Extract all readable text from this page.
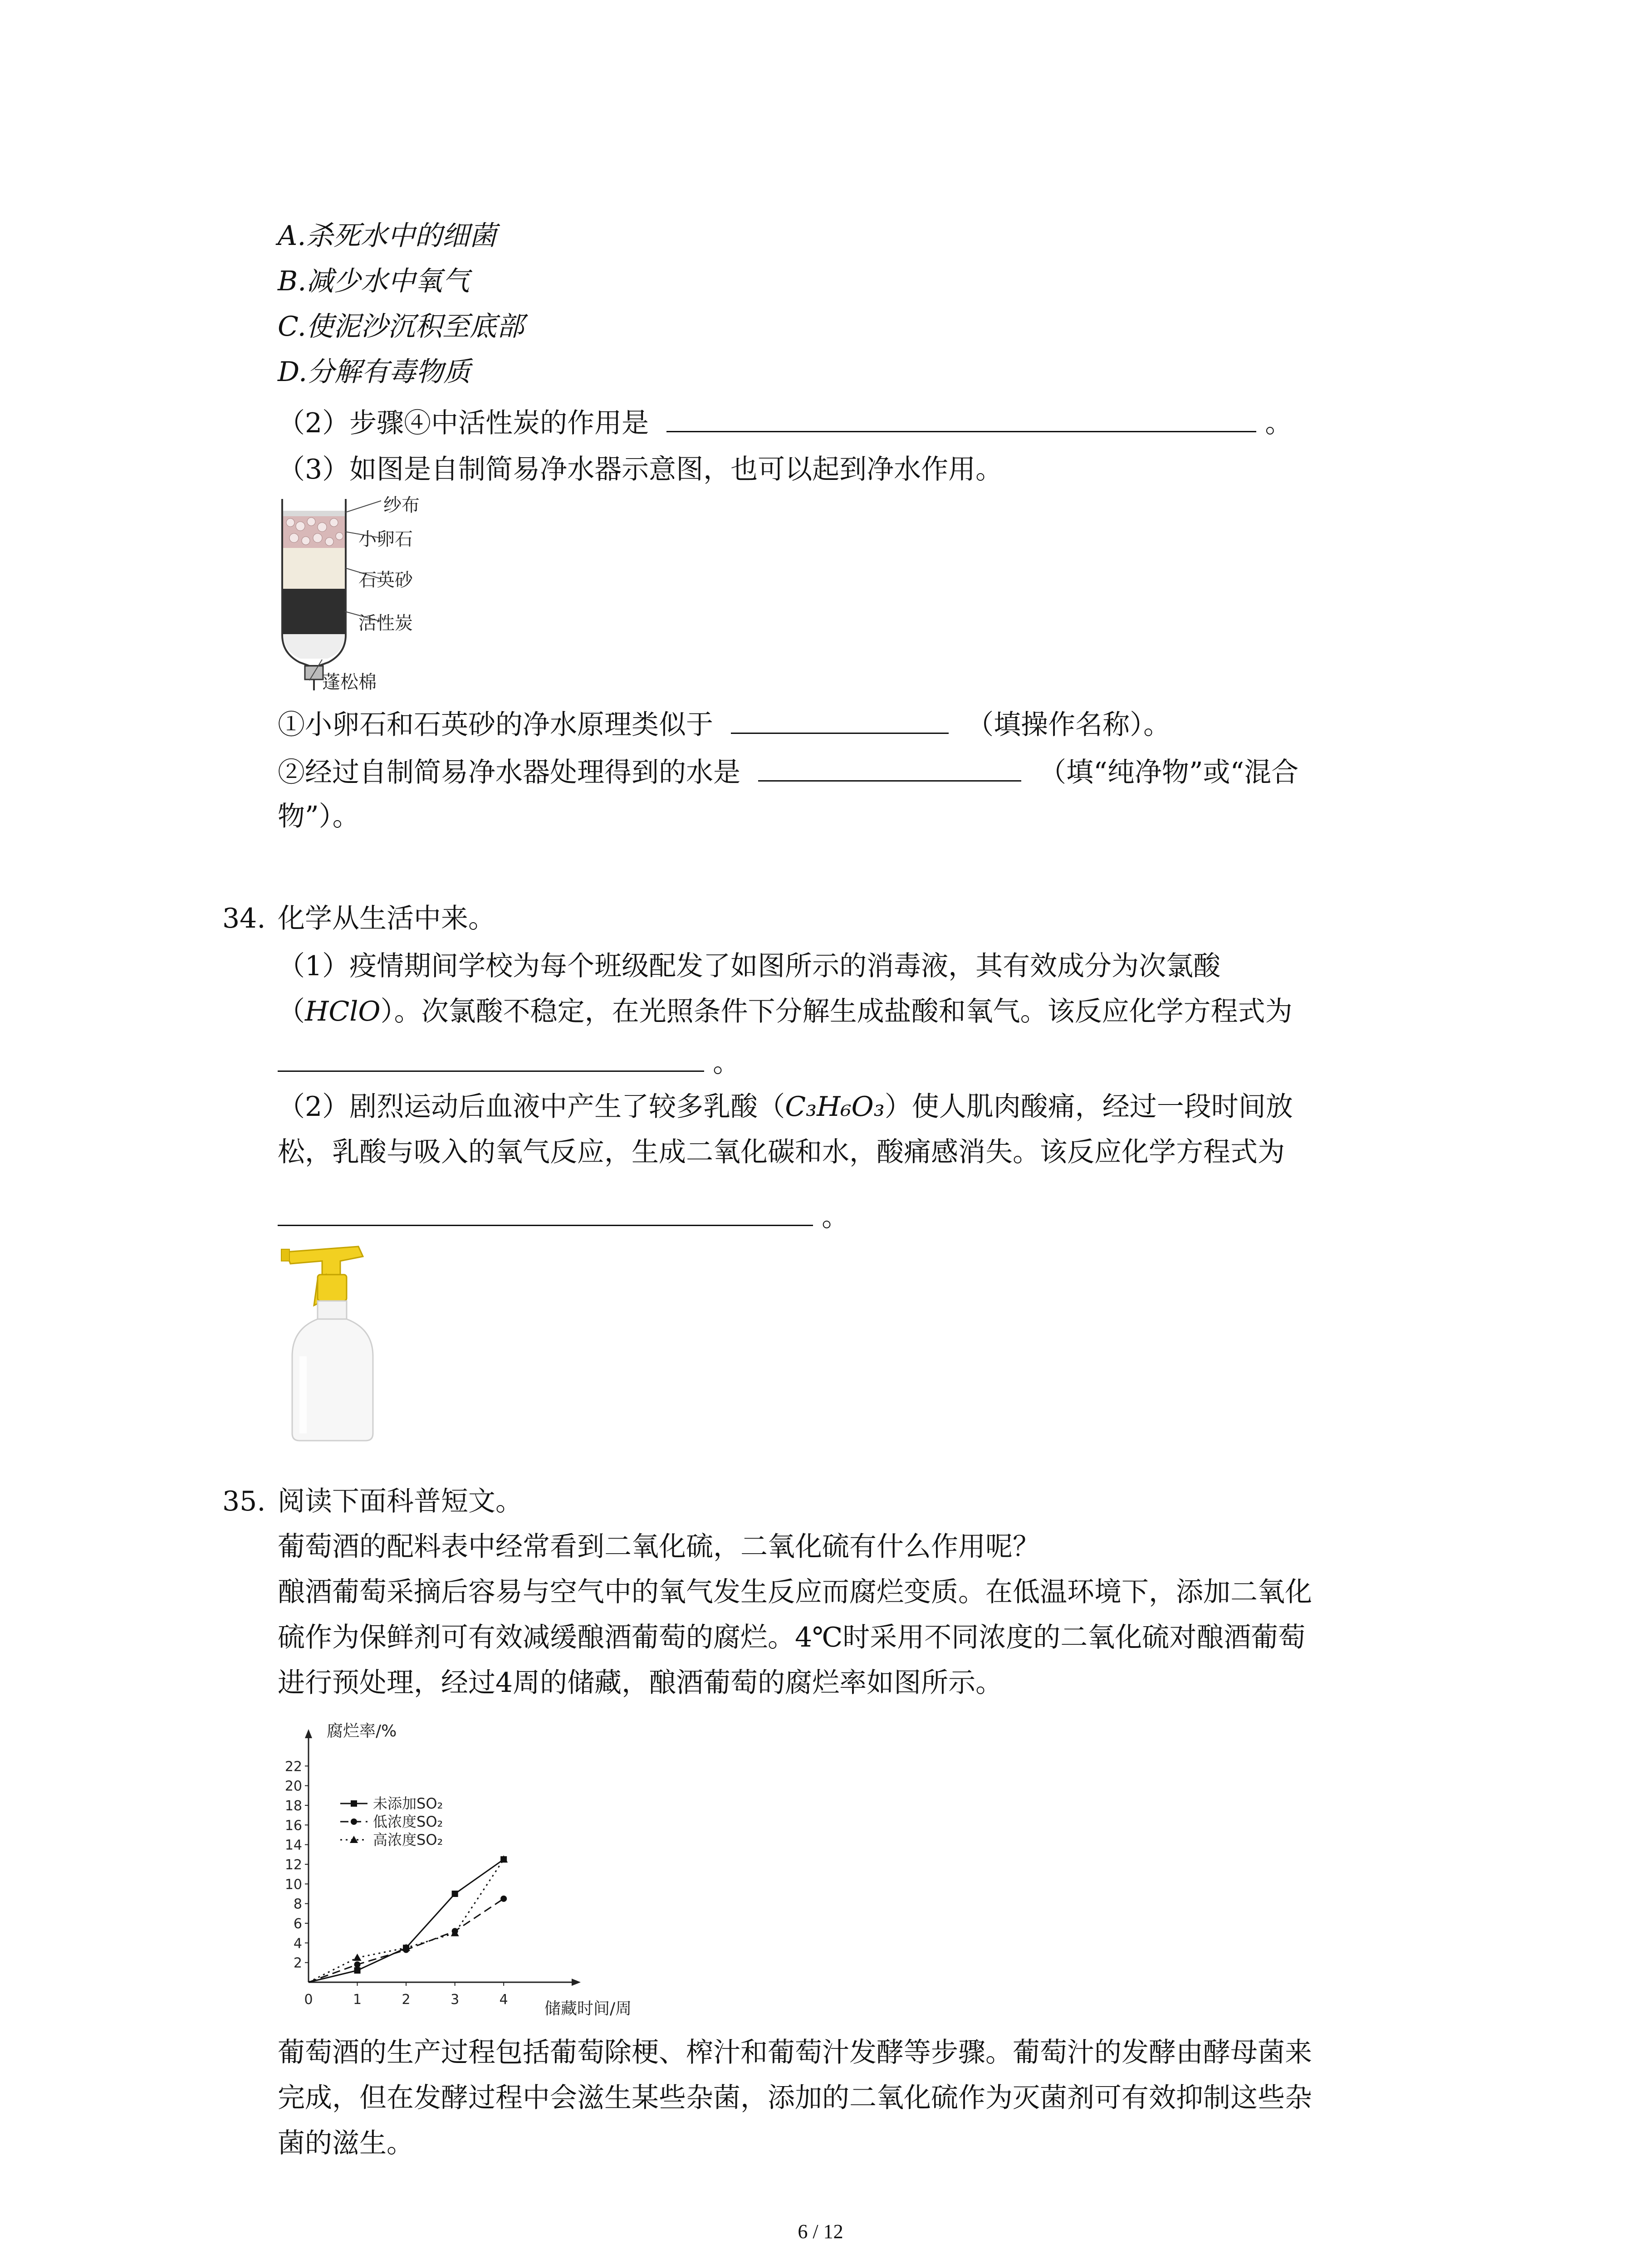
A.杀死水中的细菌
B.减少水中氧气
C.使泥沙沉积至底部
D.分解有毒物质
（2）步骤④中活性炭的作用是	。
（3）如图是自制简易净水器示意图，也可以起到净水作用。
纱布
小卵石
石英砂
活性炭
蓬松棉
①小卵石和石英砂的净水原理类似于	（填操作名称）。
②经过自制简易净水器处理得到的水是	（填“纯净物”或“混合
物”）。
34. 化学从生活中来。
（1）疫情期间学校为每个班级配发了如图所示的消毒液，其有效成分为次氯酸
（HClO）。次氯酸不稳定，在光照条件下分解生成盐酸和氧气。该反应化学方程式为
。
（2）剧烈运动后血液中产生了较多乳酸（C₃H₆O₃）使人肌肉酸痛，经过一段时间放
松，乳酸与吸入的氧气反应，生成二氧化碳和水，酸痛感消失。该反应化学方程式为
。
35. 阅读下面科普短文。
葡萄酒的配料表中经常看到二氧化硫，二氧化硫有什么作用呢？
酿酒葡萄采摘后容易与空气中的氧气发生反应而腐烂变质。在低温环境下，添加二氧化
硫作为保鲜剂可有效减缓酿酒葡萄的腐烂。4℃时采用不同浓度的二氧化硫对酿酒葡萄
进行预处理，经过4周的储藏，酿酒葡萄的腐烂率如图所示。
2
4
6
8
10
12
14
16
18
20
22
0	1	2	3	4
未添加SO₂
低浓度SO₂
高浓度SO₂
腐烂率/%
储藏时间/周
葡萄酒的生产过程包括葡萄除梗、榨汁和葡萄汁发酵等步骤。葡萄汁的发酵由酵母菌来
完成，但在发酵过程中会滋生某些杂菌，添加的二氧化硫作为灭菌剂可有效抑制这些杂
菌的滋生。
6 / 12
